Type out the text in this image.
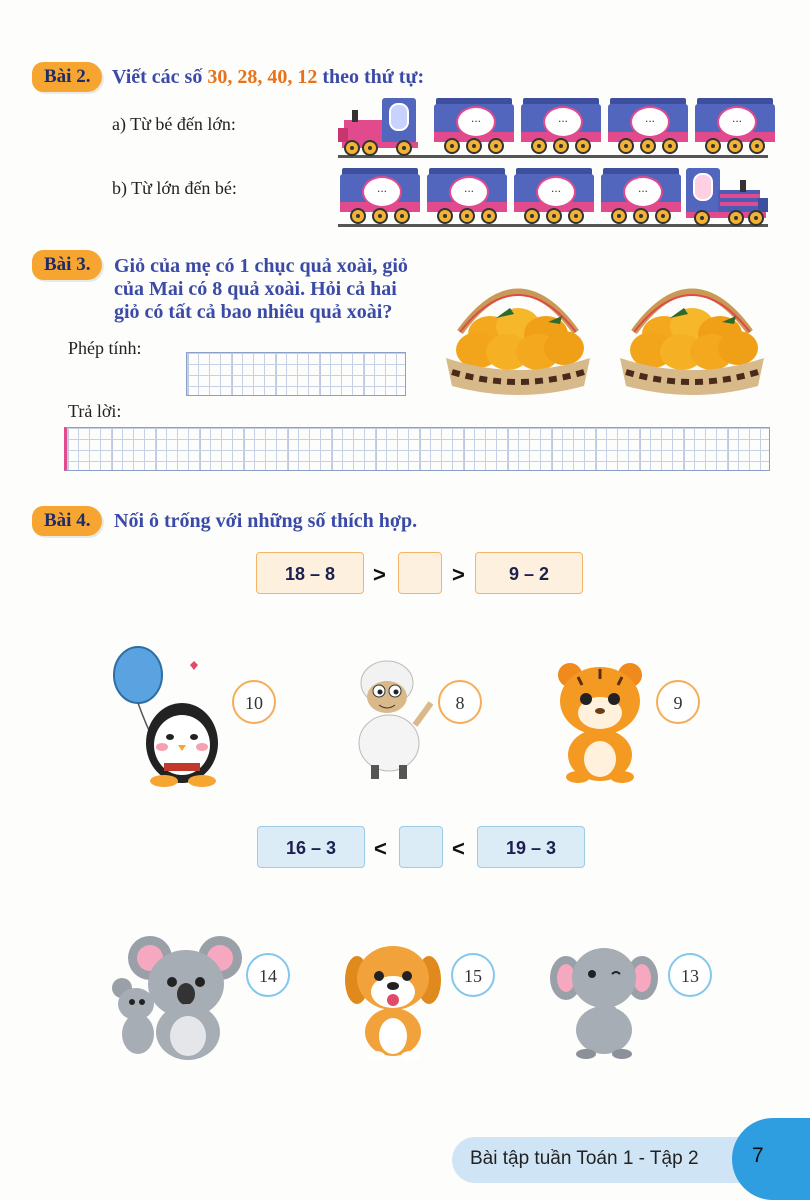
Bài 2.	Viết các số 30, 28, 40, 12 theo thứ tự:
a) Từ bé đến lớn:
b) Từ lớn đến bé:
...	...	...	...
...	...	...	...
Bài 3.	Giỏ của mẹ có 1 chục quả xoài, giỏ
của Mai có 8 quả xoài. Hỏi cả hai
giỏ có tất cả bao nhiêu quả xoài?
Phép tính:
Trả lời:
Bài 4.	Nối ô trống với những số thích hợp.
18 – 8	>	>	9 – 2
10	8	9
16 – 3	<	<	19 – 3
14	15	13
Bài tập tuần Toán 1 - Tập 2	7
